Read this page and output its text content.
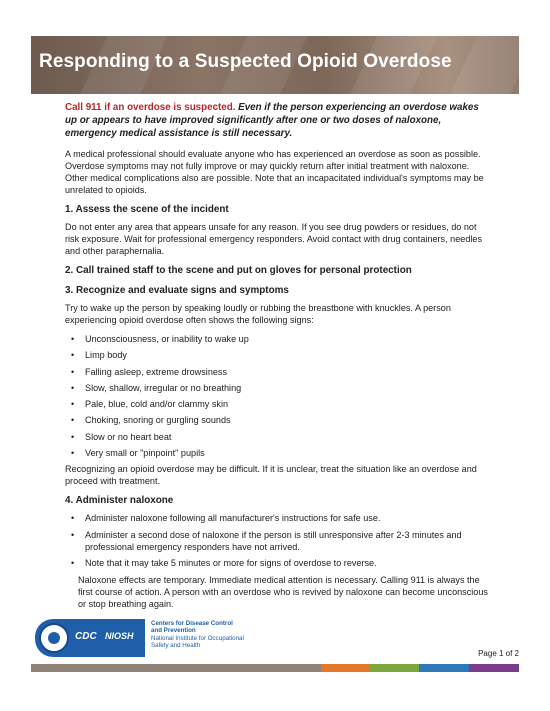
Responding to a Suspected Opioid Overdose
Call 911 if an overdose is suspected. Even if the person experiencing an overdose wakes up or appears to have improved significantly after one or two doses of naloxone, emergency medical assistance is still necessary.

A medical professional should evaluate anyone who has experienced an overdose as soon as possible. Overdose symptoms may not fully improve or may quickly return after initial treatment with naloxone. Other medical complications also are possible. Note that an incapacitated individual's symptoms may be unrelated to opioids.

1. Assess the scene of the incident

Do not enter any area that appears unsafe for any reason. If you see drug powders or residues, do not risk exposure. Wait for professional emergency responders. Avoid contact with drug containers, needles and other paraphernalia.

2. Call trained staff to the scene and put on gloves for personal protection
3. Recognize and evaluate signs and symptoms

Try to wake up the person by speaking loudly or rubbing the breastbone with knuckles. A person experiencing opioid overdose often shows the following signs:

• Unconsciousness, or inability to wake up
• Limp body
• Falling asleep, extreme drowsiness
• Slow, shallow, irregular or no breathing
• Pale, blue, cold and/or clammy skin
• Choking, snoring or gurgling sounds
• Slow or no heart beat
• Very small or "pinpoint" pupils

Recognizing an opioid overdose may be difficult. If it is unclear, treat the situation like an overdose and proceed with treatment.

4. Administer naloxone
• Administer naloxone following all manufacturer's instructions for safe use.
• Administer a second dose of naloxone if the person is still unresponsive after 2-3 minutes and professional emergency responders have not arrived.
• Note that it may take 5 minutes or more for signs of overdose to reverse.

Naloxone effects are temporary. Immediate medical attention is necessary. Calling 911 is always the first course of action. A person with an overdose who is revived by naloxone can become unconscious or stop breathing again.

CDC NIOSH
Centers for Disease Control
and Prevention
National Institute for Occupational
Safety and Health
Page 1 of 2
